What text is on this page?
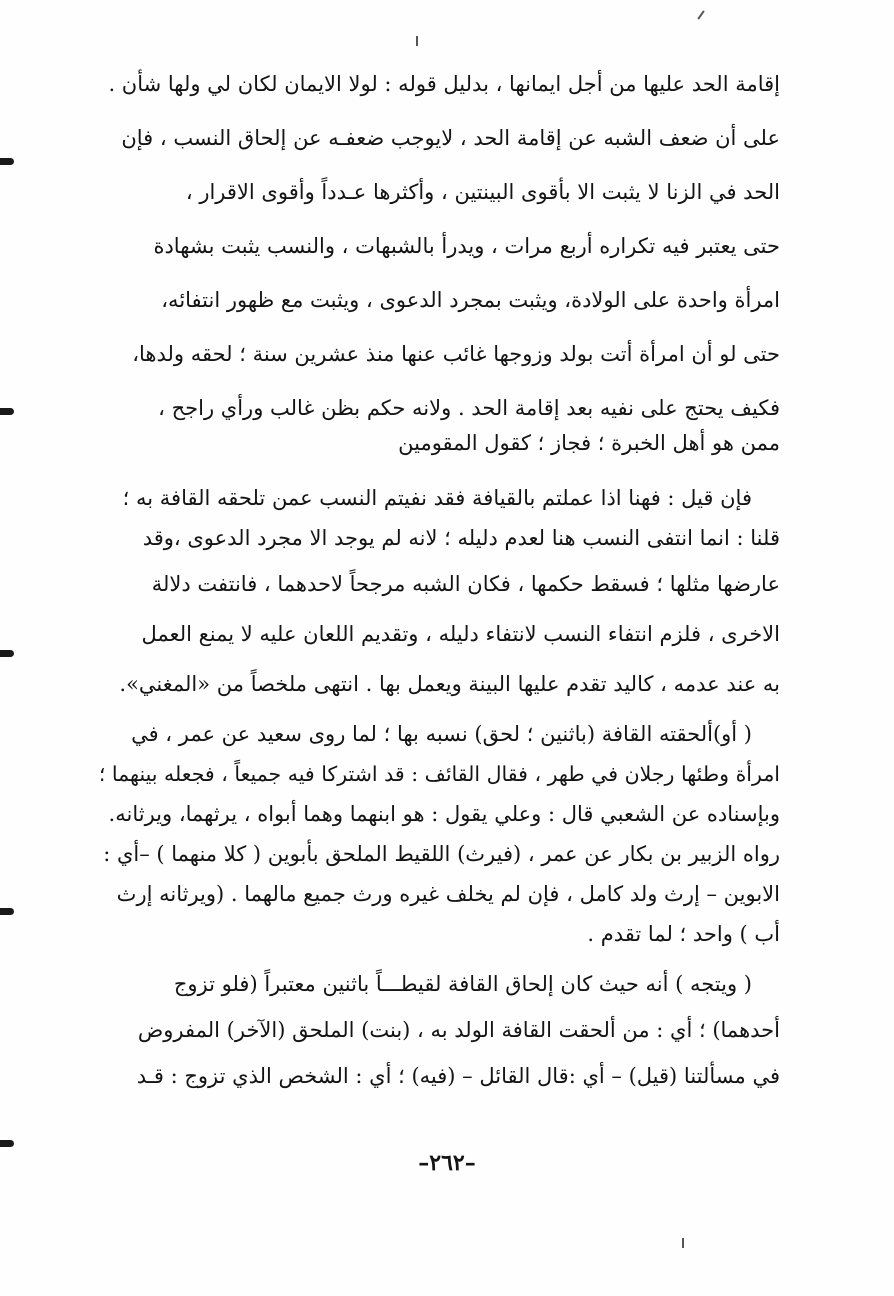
إقامة الحد عليها من أجل ايمانها ، بدليل قوله : لولا الايمان لكان لي ولها شأن .
على أن ضعف الشبه عن إقامة الحد ، لايوجب ضعفـه عن إلحاق النسب ، فإن
الحد في الزنا لا يثبت الا بأقوى البينتين ، وأكثرها عـدداً وأقوى الاقرار ،
حتى يعتبر فيه تكراره أربع مرات ، ويدرأ بالشبهات ، والنسب يثبت بشهادة
امرأة واحدة على الولادة، ويثبت بمجرد الدعوى ، ويثبت مع ظهور انتفائه،
حتى لو أن امرأة أتت بولد وزوجها غائب عنها منذ عشرين سنة ؛ لحقه ولدها،
فكيف يحتج على نفيه بعد إقامة الحد . ولانه حكم بظن غالب ورأي راجح ،
ممن هو أهل الخبرة ؛ فجاز ؛ كقول المقومين
فإن قيل : فهنا اذا عملتم بالقيافة فقد نفيتم النسب عمن تلحقه القافة به ؛
قلنا : انما انتفى النسب هنا لعدم دليله ؛ لانه لم يوجد الا مجرد الدعوى ،وقد
عارضها مثلها ؛ فسقط حكمها ، فكان الشبه مرجحاً لاحدهما ، فانتفت دلالة
الاخرى ، فلزم انتفاء النسب لانتفاء دليله ، وتقديم اللعان عليه لا يمنع العمل
به عند عدمه ، كاليد تقدم عليها البينة ويعمل بها . انتهى ملخصاً من «المغني».
( أو)ألحقته القافة (باثنين ؛ لحق) نسبه بها ؛ لما روى سعيد عن عمر ، في
امرأة وطئها رجلان في طهر ، فقال القائف : قد اشتركا فيه جميعاً ، فجعله بينهما ؛
وبإسناده عن الشعبي قال : وعلي يقول : هو ابنهما وهما أبواه ، يرثهما، ويرثانه.
رواه الزبير بن بكار عن عمر ، (فيرث) اللقيط الملحق بأبوين ( كلا منهما ) –أي :
الابوين – إرث ولد كامل ، فإن لم يخلف غيره ورث جميع مالهما . (ويرثانه إرث
أب ) واحد ؛ لما تقدم .
( ويتجه ) أنه حيث كان إلحاق القافة لقيطـــاً باثنين معتبراً (فلو تزوج
أحدهما) ؛ أي : من ألحقت القافة الولد به ، (بنت) الملحق (الآخر) المفروض
في مسألتنا (قيل) – أي :قال القائل – (فيه) ؛ أي : الشخص الذي تزوج : قـد
–٢٦٢–
